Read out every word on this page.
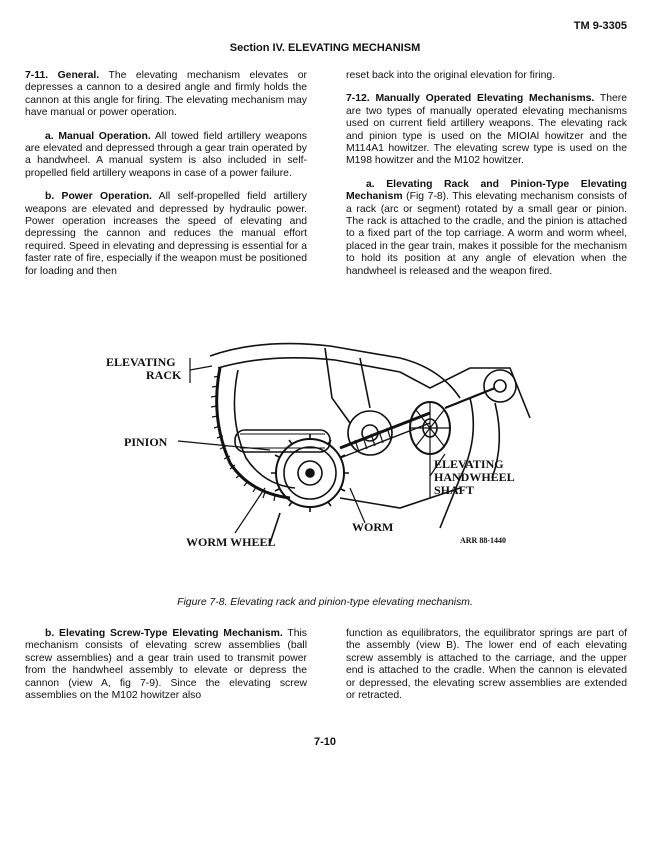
TM 9-3305
Section IV. ELEVATING MECHANISM

7-11. General. The elevating mechanism elevates or depresses a cannon to a desired angle and firmly holds the cannon at this angle for firing. The elevating mechanism may have manual or power operation.

a. Manual Operation. All towed field artillery weapons are elevated and depressed through a gear train operated by a handwheel. A manual system is also included in self-propelled field artillery weapons in case of a power failure.

b. Power Operation. All self-propelled field artillery weapons are elevated and depressed by hydraulic power. Power operation increases the speed of elevating and depressing the cannon and reduces the manual effort required. Speed in elevating and depressing is essential for a faster rate of fire, especially if the weapon must be positioned for loading and then

reset back into the original elevation for firing.

7-12. Manually Operated Elevating Mechanisms. There are two types of manually operated elevating mechanisms used on current field artillery weapons. The elevating rack and pinion type is used on the MIOIAl howitzer and the M114A1 howitzer. The elevating screw type is used on the M198 howitzer and the M102 howitzer.

a. Elevating Rack and Pinion-Type Elevating Mechanism (Fig 7-8). This elevating mechanism consists of a rack (arc or segment) rotated by a small gear or pinion. The rack is attached to the cradle, and the pinion is attached to a fixed part of the top carriage. A worm and worm wheel, placed in the gear train, makes it possible for the mechanism to hold its position at any angle of elevation when the handwheel is released and the weapon fired.

ELEVATING
RACK
PINION
ELEVATING
HANDWHEEL
SHAFT
WORM
WORM WHEEL	ARR 88-1440
Figure 7-8. Elevating rack and pinion-type elevating mechanism.

b. Elevating Screw-Type Elevating Mechanism. This mechanism consists of elevating screw assemblies (ball screw assemblies) and a gear train used to transmit power from the handwheel assembly to elevate or depress the cannon (view A, fig 7-9). Since the elevating screw assemblies on the M102 howitzer also

function as equilibrators, the equilibrator springs are part of the assembly (view B). The lower end of each elevating screw assembly is attached to the carriage, and the upper end is attached to the cradle. When the cannon is elevated or depressed, the elevating screw assemblies are extended or retracted.

7-10
